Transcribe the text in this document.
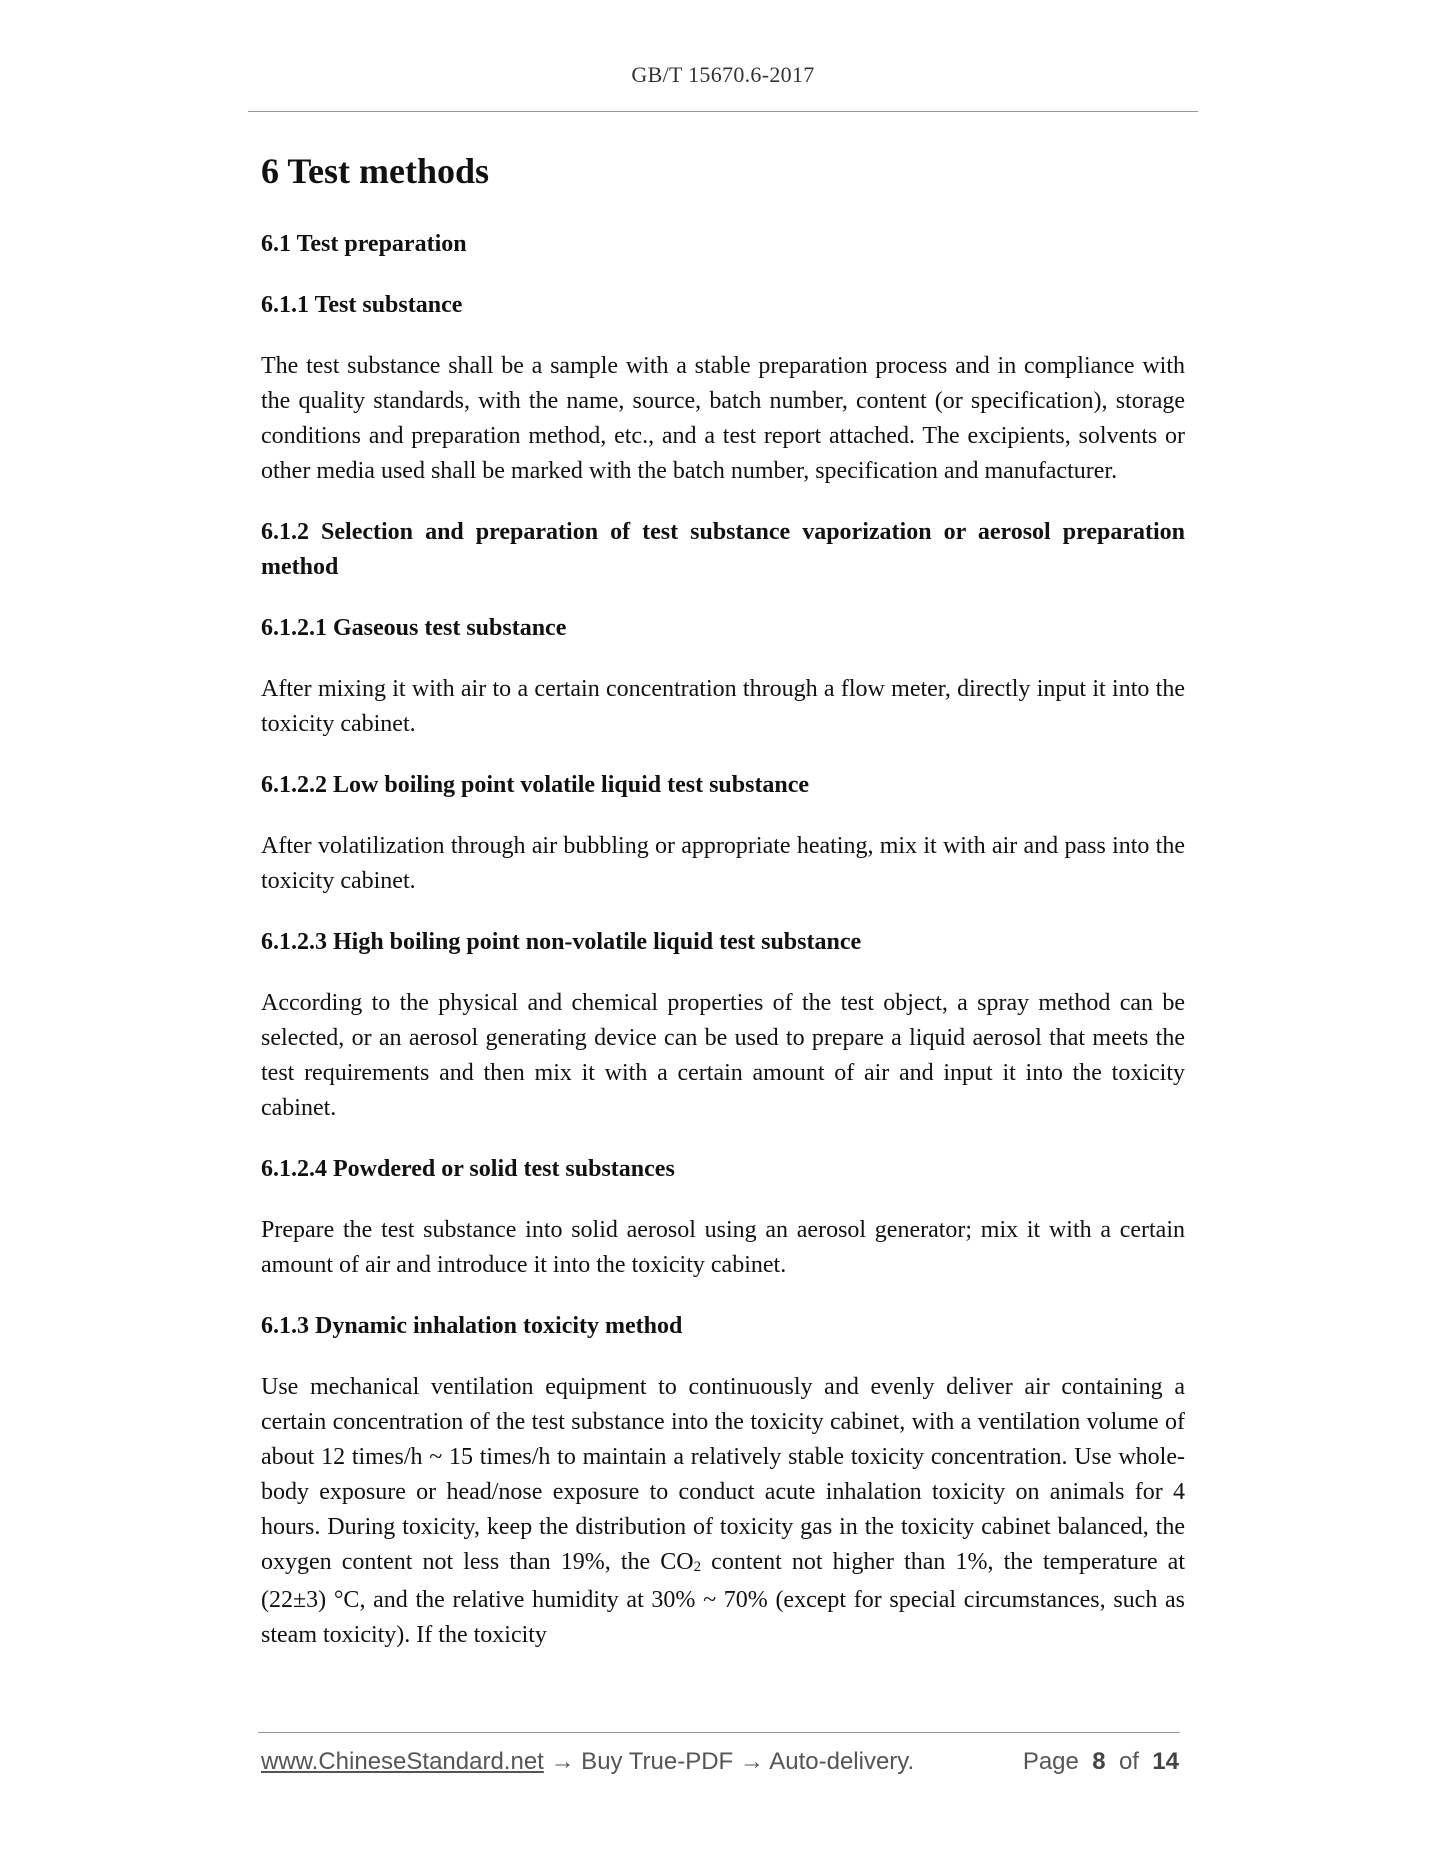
GB/T 15670.6-2017
6 Test methods
6.1 Test preparation
6.1.1 Test substance
The test substance shall be a sample with a stable preparation process and in compliance with the quality standards, with the name, source, batch number, content (or specification), storage conditions and preparation method, etc., and a test report attached. The excipients, solvents or other media used shall be marked with the batch number, specification and manufacturer.
6.1.2 Selection and preparation of test substance vaporization or aerosol preparation method
6.1.2.1 Gaseous test substance
After mixing it with air to a certain concentration through a flow meter, directly input it into the toxicity cabinet.
6.1.2.2 Low boiling point volatile liquid test substance
After volatilization through air bubbling or appropriate heating, mix it with air and pass into the toxicity cabinet.
6.1.2.3 High boiling point non-volatile liquid test substance
According to the physical and chemical properties of the test object, a spray method can be selected, or an aerosol generating device can be used to prepare a liquid aerosol that meets the test requirements and then mix it with a certain amount of air and input it into the toxicity cabinet.
6.1.2.4 Powdered or solid test substances
Prepare the test substance into solid aerosol using an aerosol generator; mix it with a certain amount of air and introduce it into the toxicity cabinet.
6.1.3 Dynamic inhalation toxicity method
Use mechanical ventilation equipment to continuously and evenly deliver air containing a certain concentration of the test substance into the toxicity cabinet, with a ventilation volume of about 12 times/h ~ 15 times/h to maintain a relatively stable toxicity concentration. Use whole-body exposure or head/nose exposure to conduct acute inhalation toxicity on animals for 4 hours. During toxicity, keep the distribution of toxicity gas in the toxicity cabinet balanced, the oxygen content not less than 19%, the $CO_2$ content not higher than 1%, the temperature at (22±3) °C, and the relative humidity at 30% ~ 70% (except for special circumstances, such as steam toxicity). If the toxicity
www.ChineseStandard.net → Buy True-PDF → Auto-delivery.	Page 8 of 14
